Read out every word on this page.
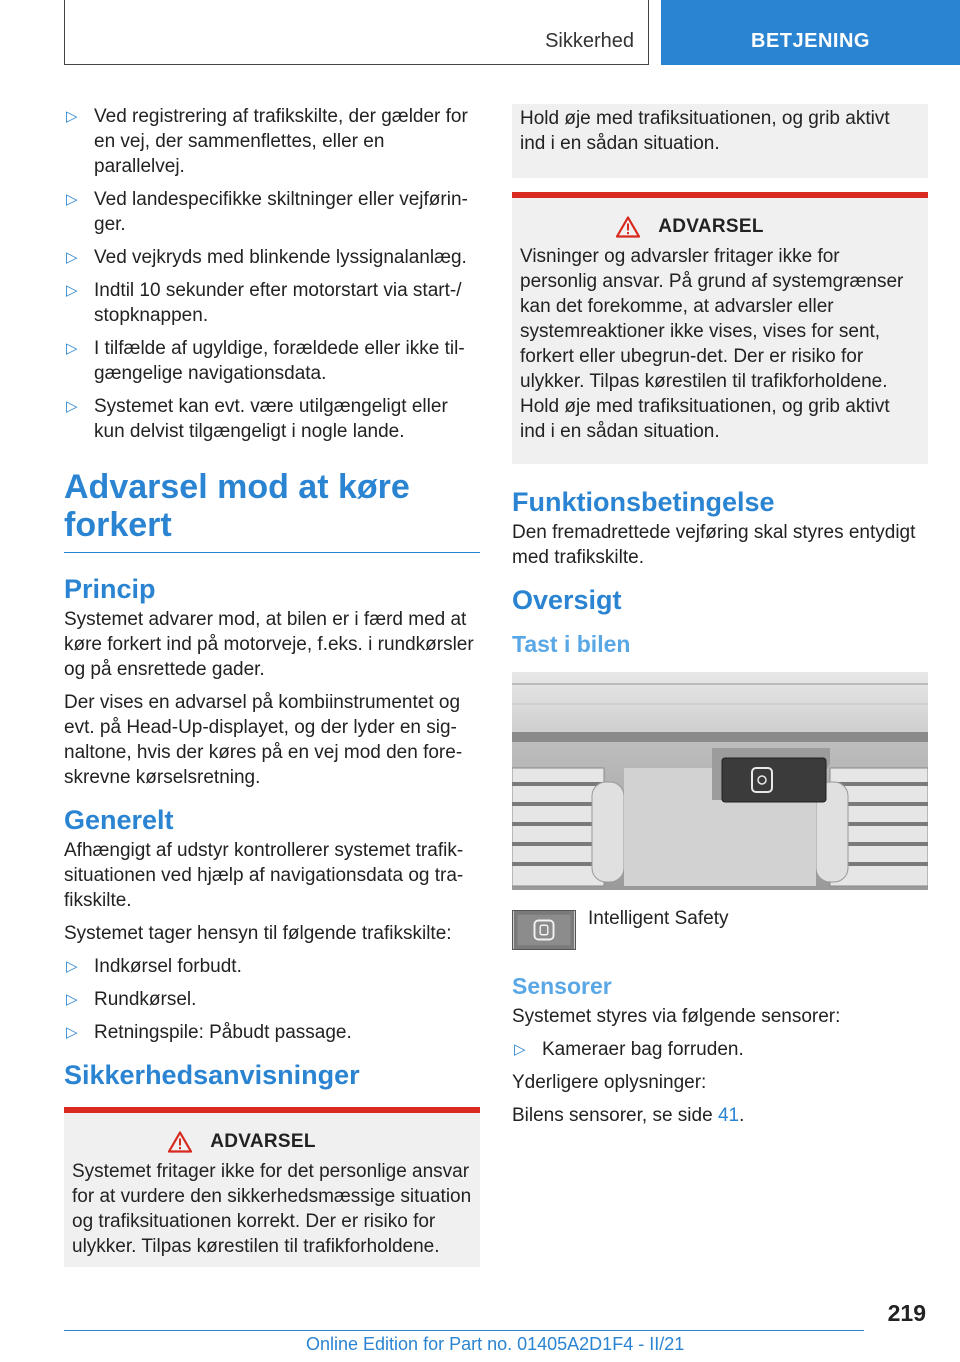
Sikkerhed	BETJENING
▷ Ved registrering af trafikskilte, der gælder for en vej, der sammenflettes, eller en parallelvej.
▷ Ved landespecifikke skiltninger eller vejførin-ger.
▷ Ved vejkryds med blinkende lyssignalanlæg.
▷ Indtil 10 sekunder efter motorstart via start-/ stopknappen.
▷ I tilfælde af ugyldige, forældede eller ikke til-gængelige navigationsdata.
▷ Systemet kan evt. være utilgængeligt eller kun delvist tilgængeligt i nogle lande.
Advarsel mod at køre forkert
Princip

Systemet advarer mod, at bilen er i færd med at køre forkert ind på motorveje, f.eks. i rundkørsler og på ensrettede gader.

Der vises en advarsel på kombiinstrumentet og evt. på Head-Up-displayet, og der lyder en sig-naltone, hvis der køres på en vej mod den fore-skrevne kørselsretning.

Generelt

Afhængigt af udstyr kontrollerer systemet trafik-situationen ved hjælp af navigationsdata og tra-fikskilte.

Systemet tager hensyn til følgende trafikskilte:

▷ Indkørsel forbudt.
▷ Rundkørsel.
▷ Retningspile: Påbudt passage.
Sikkerhedsanvisninger
ADVARSEL

Systemet fritager ikke for det personlige ansvar for at vurdere den sikkerhedsmæssige situation og trafiksituationen korrekt. Der er risiko for ulykker. Tilpas kørestilen til trafikforholdene.

Hold øje med trafiksituationen, og grib aktivt ind i en sådan situation.

ADVARSEL

Visninger og advarsler fritager ikke for personlig ansvar. På grund af systemgrænser kan det forekomme, at advarsler eller systemreaktioner ikke vises, vises for sent, forkert eller ubegrun-det. Der er risiko for ulykker. Tilpas kørestilen til trafikforholdene. Hold øje med trafiksituationen, og grib aktivt ind i en sådan situation.

Funktionsbetingelse

Den fremadrettede vejføring skal styres entydigt med trafikskilte.

Oversigt
Tast i bilen

Intelligent Safety

Sensorer

Systemet styres via følgende sensorer:

▷ Kameraer bag forruden.

Yderligere oplysninger:

Bilens sensorer, se side 41.

219
Online Edition for Part no. 01405A2D1F4 - II/21
